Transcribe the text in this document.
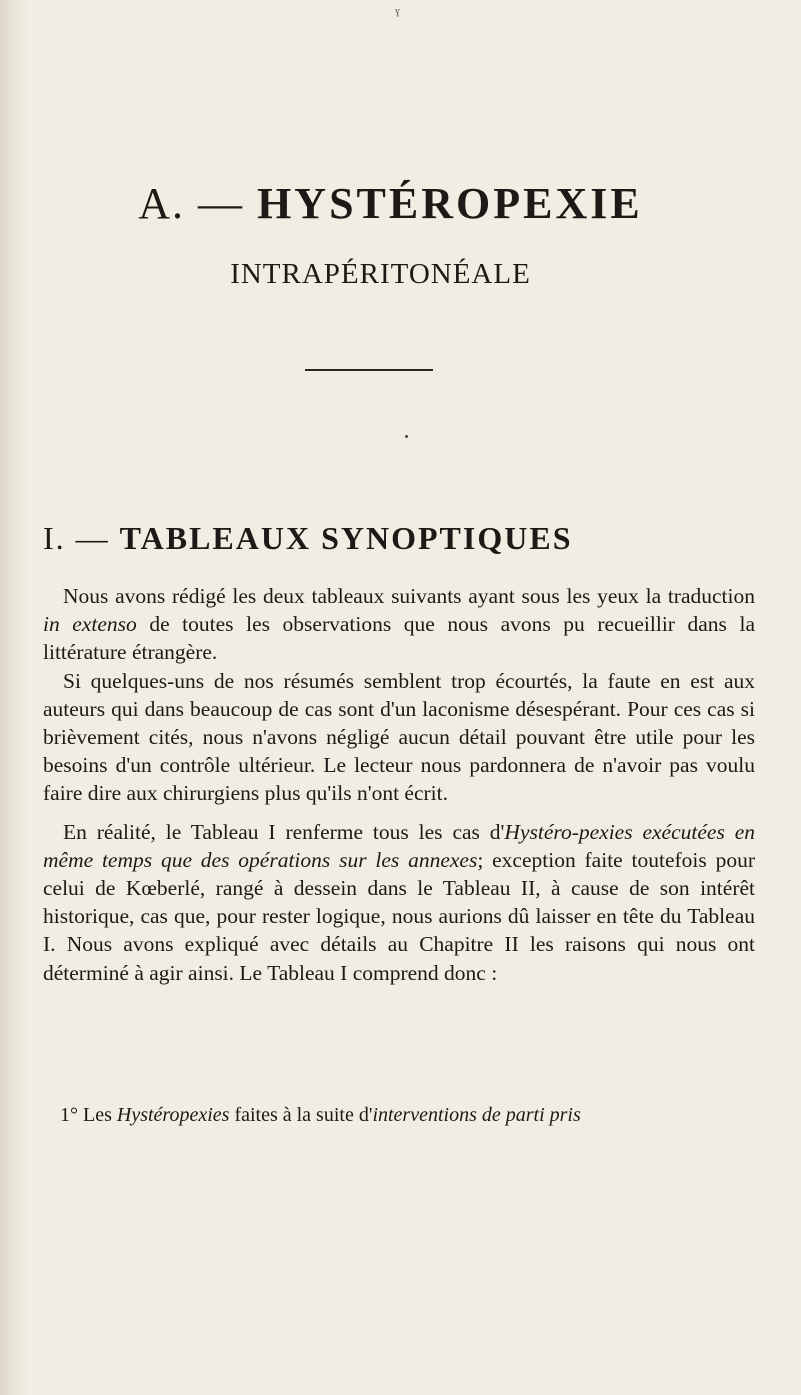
ɣ
A. — HYSTÉROPEXIE
INTRAPÉRITONÉALE
I. — TABLEAUX SYNOPTIQUES

Nous avons rédigé les deux tableaux suivants ayant sous les yeux la traduction in extenso de toutes les observations que nous avons pu recueillir dans la littérature étrangère.

Si quelques-uns de nos résumés semblent trop écourtés, la faute en est aux auteurs qui dans beaucoup de cas sont d'un laconisme désespérant. Pour ces cas si brièvement cités, nous n'avons négligé aucun détail pouvant être utile pour les besoins d'un contrôle ultérieur. Le lecteur nous pardonnera de n'avoir pas voulu faire dire aux chirurgiens plus qu'ils n'ont écrit.

En réalité, le Tableau I renferme tous les cas d'Hystéro-pexies exécutées en même temps que des opérations sur les annexes; exception faite toutefois pour celui de Kœberlé, rangé à dessein dans le Tableau II, à cause de son intérêt historique, cas que, pour rester logique, nous aurions dû laisser en tête du Tableau I. Nous avons expliqué avec détails au Chapitre II les raisons qui nous ont déterminé à agir ainsi. Le Tableau I comprend donc :

1° Les Hystéropexies faites à la suite d'interventions de parti pris
